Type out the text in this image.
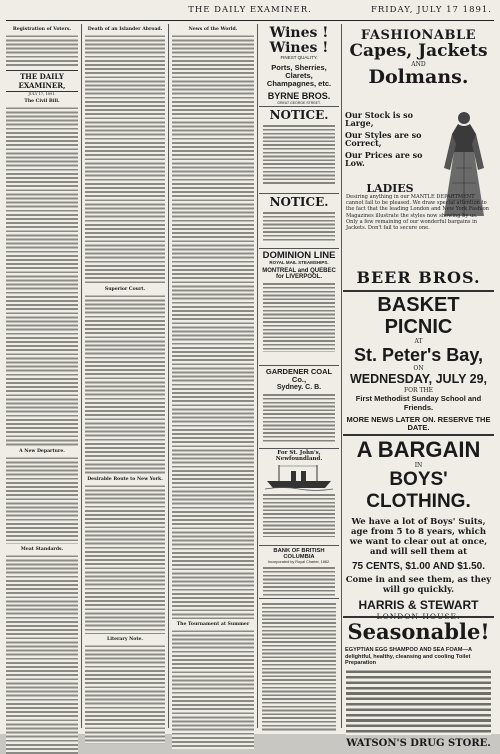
THE DAILY EXAMINER.	FRIDAY, JULY 17 1891.
Registration of Voters.
THE DAILY EXAMINER,
JULY 17, 1891.
The Civil Bill.
A New Departure.
Meat Standards.
Death of an Islander Abroad.
Superior Court.
Desirable Route to New York.
Literary Note.
News of the World.
The Tournament at Summer
Wines ! Wines !
FINEST QUALITY.
Ports, Sherries, Clarets, Champagnes, etc.
BYRNE BROS.
GREAT GEORGE STREET.
NOTICE.
NOTICE.
DOMINION LINE
ROYAL MAIL STEAMSHIPS.
MONTREAL and QUEBEC
for LIVERPOOL.
GARDENER COAL Co.,
Sydney. C. B.
For St. John's, Newfoundland.
BANK OF BRITISH COLUMBIA
Incorporated by Royal Charter, 1862.
FASHIONABLE
Capes, Jackets
AND
Dolmans.
Our Stock is so Large,
Our Styles are so Correct,
Our Prices are so Low.
LADIES
Desiring anything in our MANTLE DEPARTMENT cannot fail to be pleased. We draw special attention to the fact that the leading London and New York Fashion Magazines illustrate the styles now showing by us. Only a few remaining of our wonderful bargains in Jackets. Don't fail to secure one.
BEER BROS.
BASKET PICNIC
AT
St. Peter's Bay,
ON
WEDNESDAY, JULY 29,
FOR THE
First Methodist Sunday School and Friends.
MORE NEWS LATER ON. RESERVE THE DATE.
A BARGAIN
IN
BOYS' CLOTHING.
We have a lot of Boys' Suits, age from 5 to 8 years, which we want to clear out at once, and will sell them at
75 CENTS, $1.00 AND $1.50.
Come in and see them, as they will go quickly.
HARRIS & STEWART
LONDON HOUSE.
Seasonable!
EGYPTIAN EGG SHAMPOO AND SEA FOAM—A delightful, healthy, cleansing and cooling Toilet Preparation
WATSON'S DRUG STORE.
